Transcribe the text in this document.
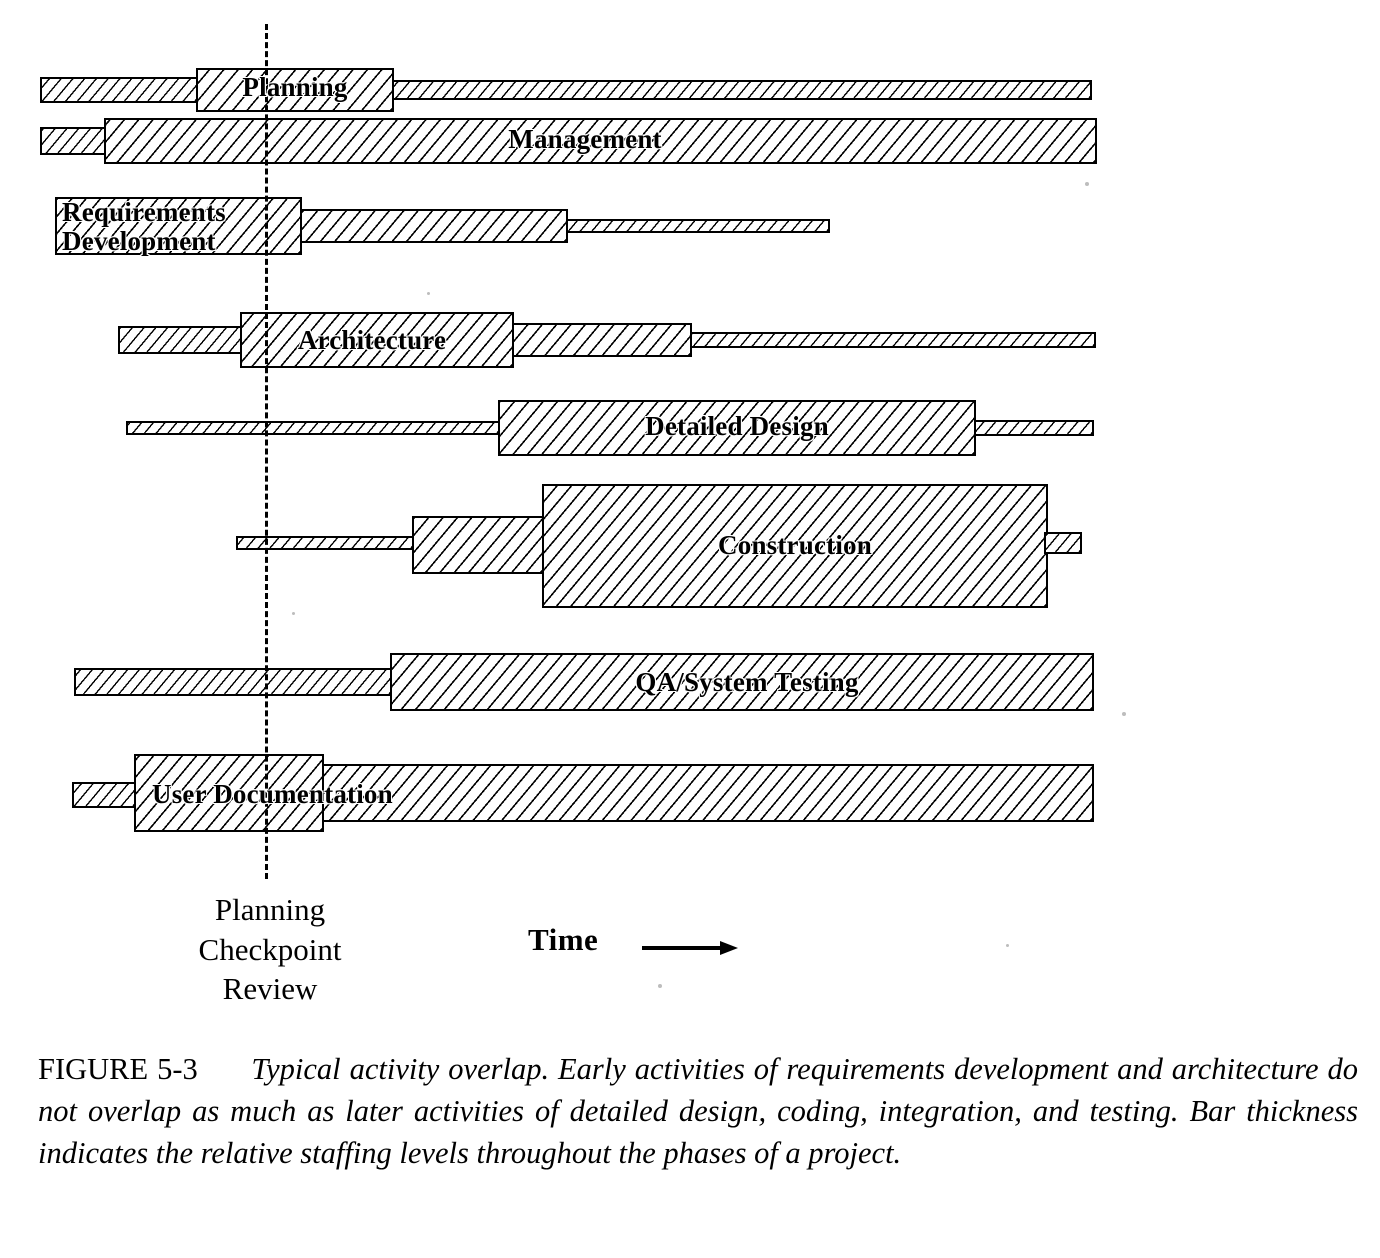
Planning
Management
Requirements
Development
Architecture
Detailed Design
Construction
QA/System Testing
User Documentation
Planning
Checkpoint
Review
Time
FIGURE 5-3 Typical activity overlap. Early activities of requirements development and architecture do not overlap as much as later activities of detailed design, coding, integration, and testing. Bar thickness indicates the relative staffing levels throughout the phases of a project.
